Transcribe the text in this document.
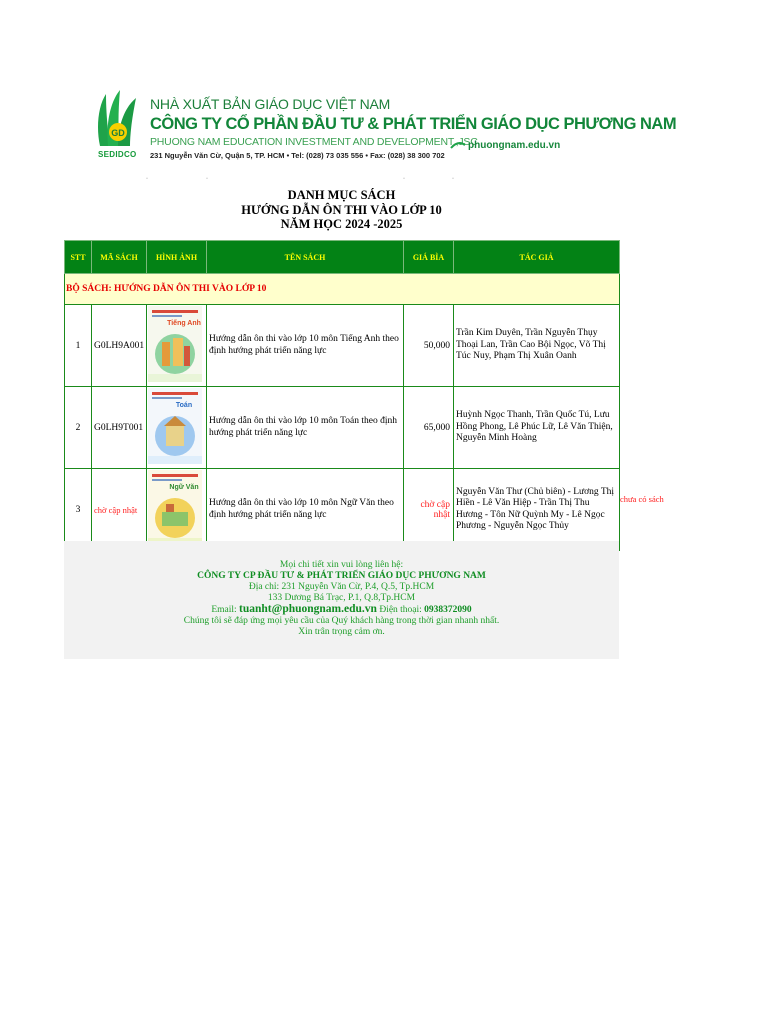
GD
SEDIDCO
NHÀ XUẤT BẢN GIÁO DỤC VIỆT NAM
CÔNG TY CỔ PHẦN ĐẦU TƯ & PHÁT TRIỂN GIÁO DỤC PHƯƠNG NAM
PHUONG NAM EDUCATION INVESTMENT AND DEVELOPMENT.,JSC
231 Nguyễn Văn Cừ, Quận 5, TP. HCM • Tel: (028) 73 035 556 • Fax: (028) 38 300 702
phuongnam.edu.vn
·	·	·	·
DANH MỤC SÁCH
HƯỚNG DẪN ÔN THI VÀO LỚP 10
NĂM HỌC 2024 -2025
STT	MÃ SÁCH	HÌNH ẢNH	TÊN SÁCH	GIÁ BÌA	TÁC GIẢ
BỘ SÁCH: HƯỚNG DẪN ÔN THI VÀO LỚP 10					
1	G0LH9A001	Tiếng Anh	Hướng dẫn ôn thi vào lớp 10 môn Tiếng Anh theo định hướng phát triển năng lực	50,000	Trần Kim Duyên, Trần Nguyễn Thụy Thoại Lan, Trần Cao Bội Ngọc, Võ Thị Túc Nuy, Phạm Thị Xuân Oanh
2	G0LH9T001	Toán	Hướng dẫn ôn thi vào lớp 10 môn Toán theo định hướng phát triển năng lực	65,000	Huỳnh Ngọc Thanh, Trần Quốc Tú, Lưu Hồng Phong, Lê Phúc Lữ, Lê Văn Thiện, Nguyễn Minh Hoàng
3	chờ cập nhật	Ngữ Văn	Hướng dẫn ôn thi vào lớp 10 môn Ngữ Văn theo định hướng phát triển năng lực	chờ cập nhật	Nguyễn Văn Thư (Chủ biên) - Lương Thị Hiền - Lê Văn Hiệp - Trần Thị Thu Hương - Tôn Nữ Quỳnh My - Lê Ngọc Phương - Nguyễn Ngọc Thủy
chưa có sách
Mọi chi tiết xin vui lòng liên hệ:
CÔNG TY CP ĐẦU TƯ & PHÁT TRIỂN GIÁO DỤC PHƯƠNG NAM
Địa chỉ: 231 Nguyễn Văn Cừ, P.4, Q.5, Tp.HCM
133 Dương Bá Trạc, P.1, Q.8,Tp.HCM
Email: tuanht@phuongnam.edu.vn Điện thoại: 0938372090
Chúng tôi sẽ đáp ứng mọi yêu cầu của Quý khách hàng trong thời gian nhanh nhất.
Xin trân trọng cảm ơn.
